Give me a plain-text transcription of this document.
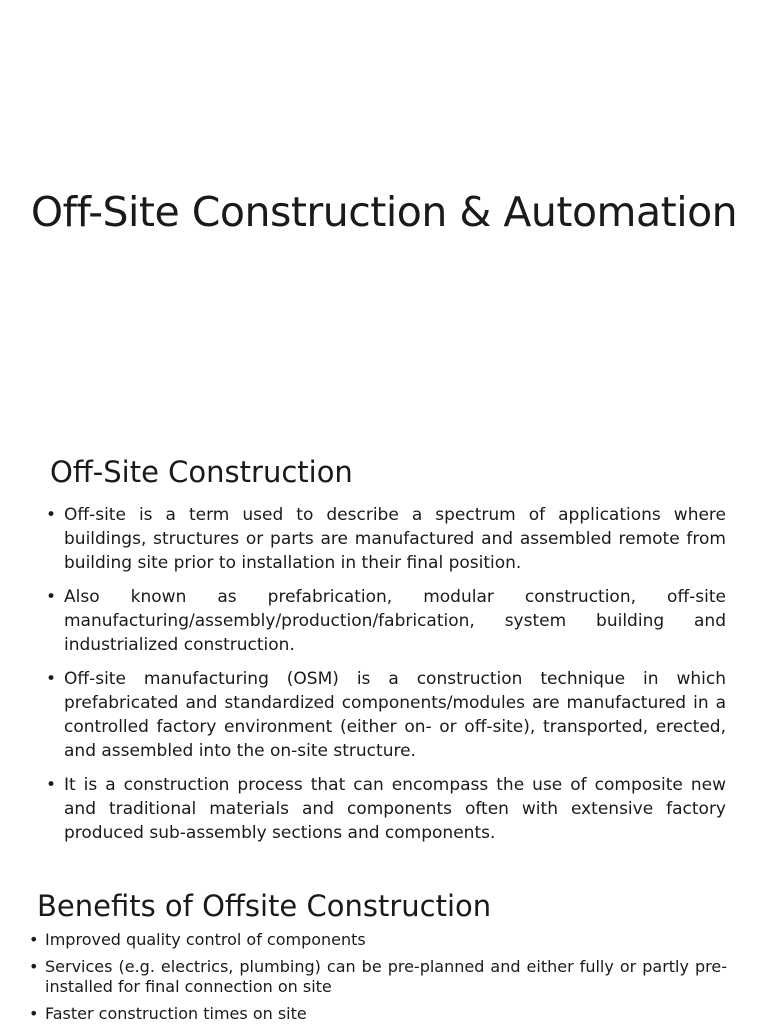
Off-Site Construction & Automation
Off-Site Construction
• Off-site is a term used to describe a spectrum of applications where buildings, structures or parts are manufactured and assembled remote from building site prior to installation in their final position.
• Also known as prefabrication, modular construction, off-site manufacturing/assembly/production/fabrication, system building and industrialized construction.
• Off-site manufacturing (OSM) is a construction technique in which prefabricated and standardized components/modules are manufactured in a controlled factory environment (either on- or off-site), transported, erected, and assembled into the on-site structure.
• It is a construction process that can encompass the use of composite new and traditional materials and components often with extensive factory produced sub-assembly sections and components.
Benefits of Offsite Construction
• Improved quality control of components
• Services (e.g. electrics, plumbing) can be pre-planned and either fully or partly pre-installed for final connection on site
• Faster construction times on site
